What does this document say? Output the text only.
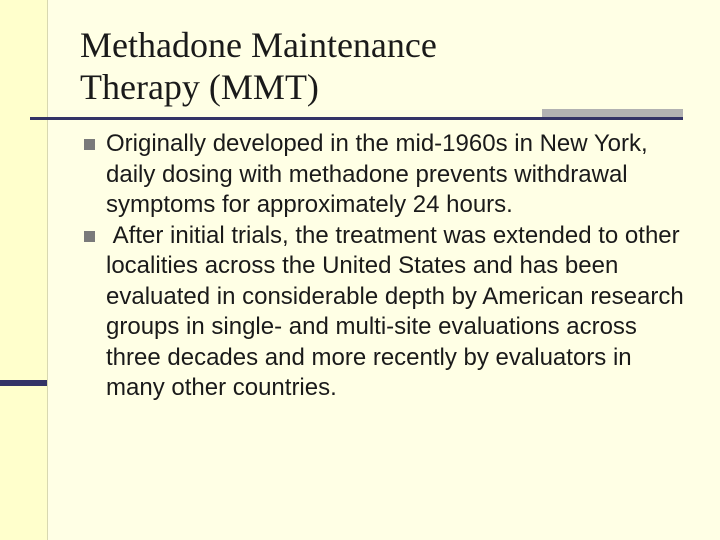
Methadone Maintenance
Therapy (MMT)
Originally developed in the mid-1960s in New York, daily dosing with methadone prevents withdrawal symptoms for approximately 24 hours.
After initial trials, the treatment was extended to other localities across the United States and has been evaluated in considerable depth by American research groups in single- and multi-site evaluations across three decades and more recently by evaluators in many other countries.
